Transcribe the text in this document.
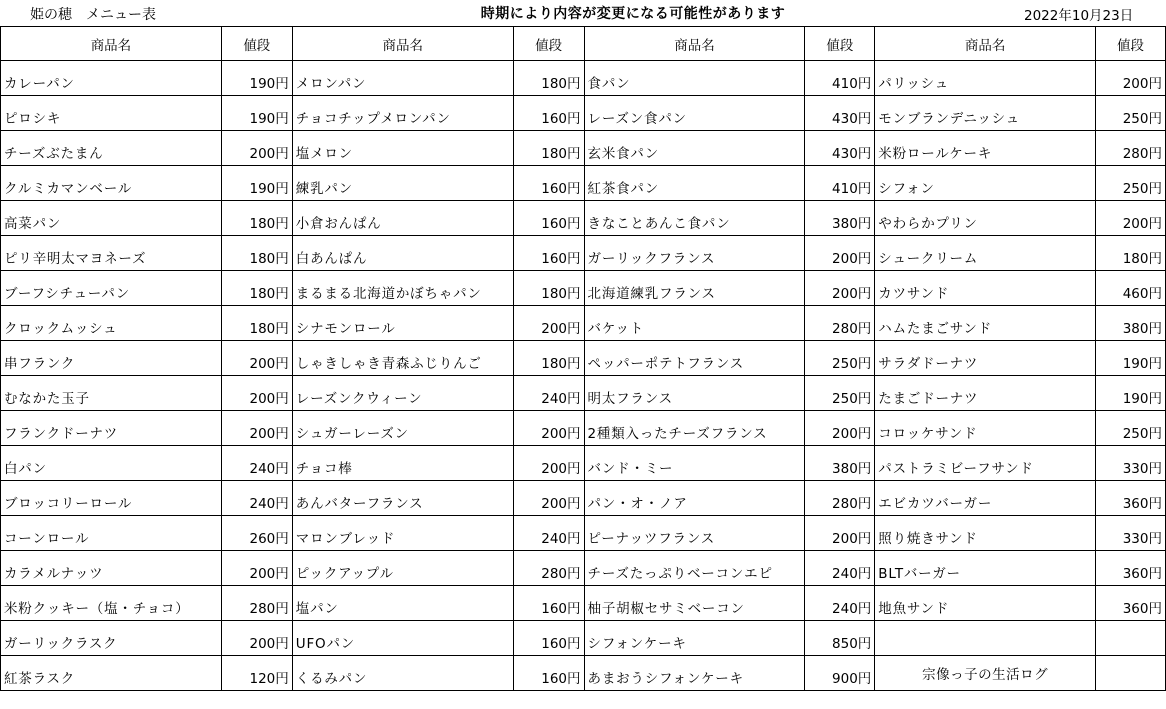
姫の穂　メニュー表	時期により内容が変更になる可能性があります	2022年10月23日
商品名	値段	商品名	値段	商品名	値段	商品名	値段
カレーパン	190円	メロンパン	180円	食パン	410円	パリッシュ	200円
ピロシキ	190円	チョコチップメロンパン	160円	レーズン食パン	430円	モンブランデニッシュ	250円
チーズぶたまん	200円	塩メロン	180円	玄米食パン	430円	米粉ロールケーキ	280円
クルミカマンベール	190円	練乳パン	160円	紅茶食パン	410円	シフォン	250円
高菜パン	180円	小倉おんぱん	160円	きなことあんこ食パン	380円	やわらかプリン	200円
ピリ辛明太マヨネーズ	180円	白あんぱん	160円	ガーリックフランス	200円	シュークリーム	180円
ブーフシチューパン	180円	まるまる北海道かぼちゃパン	180円	北海道練乳フランス	200円	カツサンド	460円
クロックムッシュ	180円	シナモンロール	200円	バケット	280円	ハムたまごサンド	380円
串フランク	200円	しゃきしゃき青森ふじりんご	180円	ペッパーポテトフランス	250円	サラダドーナツ	190円
むなかた玉子	200円	レーズンクウィーン	240円	明太フランス	250円	たまごドーナツ	190円
フランクドーナツ	200円	シュガーレーズン	200円	2種類入ったチーズフランス	200円	コロッケサンド	250円
白パン	240円	チョコ棒	200円	バンド・ミー	380円	パストラミビーフサンド	330円
ブロッコリーロール	240円	あんバターフランス	200円	パン・オ・ノア	280円	エビカツバーガー	360円
コーンロール	260円	マロンブレッド	240円	ピーナッツフランス	200円	照り焼きサンド	330円
カラメルナッツ	200円	ピックアップル	280円	チーズたっぷりベーコンエピ	240円	BLTバーガー	360円
米粉クッキー（塩・チョコ）	280円	塩パン	160円	柚子胡椒セサミベーコン	240円	地魚サンド	360円
ガーリックラスク	200円	UFOパン	160円	シフォンケーキ	850円		
紅茶ラスク	120円	くるみパン	160円	あまおうシフォンケーキ	900円	宗像っ子の生活ログ	
